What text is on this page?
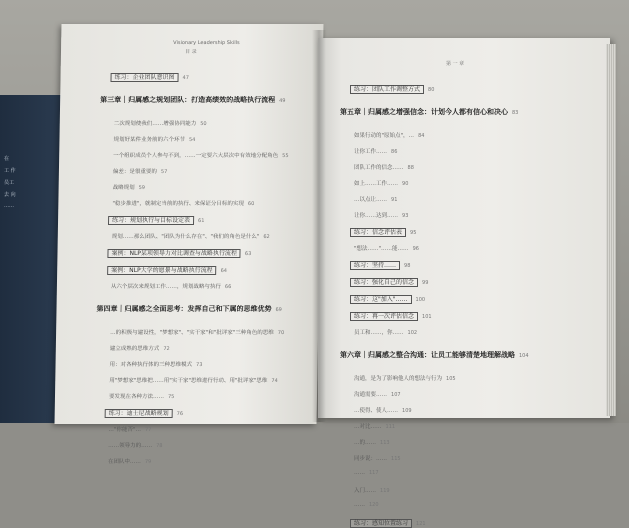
在
工 作
员工
去 向
……
Visionary Leadership Skills
目 录
练习：企业团队意识图 47
第三章｜归属感之规划团队：打造高绩效的战略执行流程 49
二次规划使我们……增强协同能力 50
规划好某件业务前的六个环节 54
一个组织成员个人参与不到，……一定要六大层次中有效地分配角色 55
偏差：是很重要的 57
战略规划 59
"稳步推进"，就制定当前的执行、来保证分目标的实现 60
练习：规划执行与目标设定表 61
规划……那么团队、"团队为什么存在"、"我们的角色是什么" 62
案例：NLP某项领导力对比调查与战略执行流程 63
案例：NLP大学的愿景与战略执行流程 64
从六个层次来规划工作……，规划战略与执行 66
第四章｜归属感之全面思考：发挥自己和下属的思维优势 69
…的积极与建设性，"梦想家"、"实干家"和"批评家"三种角色的思维 70
建立成熟的思维方式 72
用：对各种执行体的三种思维模式 73
用"梦想家"思维把……用"实干家"思维进行行动、用"批评家"思维 74
要发现在各种方法…… 75
练习：迪士尼战略规划 76
…"你能否"… 77
……领导力的…… 78
在团队中…… 79
第 一 章
练习：团队工作调整方式 80
第五章｜归属感之增强信念：计划今人都有信心和决心 83
如果行动的"原始点"，… 84
让你工作…… 86
团队工作的信念…… 88
如上……工作…… 90
…以点让…… 91
让你……达到…… 93
练习：信念评估表 95
"想法……"……能…… 96
练习：坚持…… 98
练习：强化自己的信念 99
练习：这"加入"…… 100
练习：再一次评估信念 101
员工和……，你…… 102
第六章｜归属感之整合沟通：让员工能够清楚地理解战略 104
沟通，是为了影响他人的想法与行为 105
沟通需要…… 107
…使得、使人…… 109
…对比…… 111
…的…… 113
同步说：…… 115
…… 117
入门…… 119
…… 120
练习：感知位置练习 121
